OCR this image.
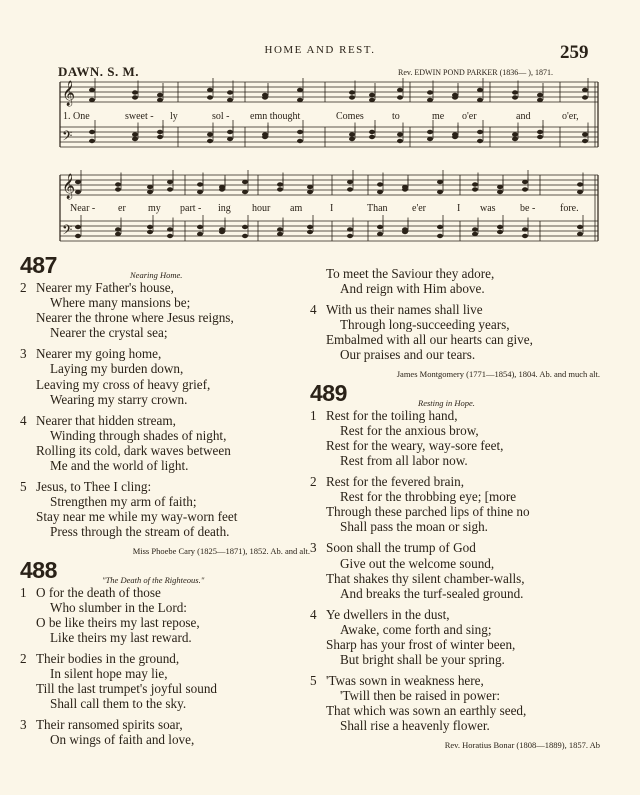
HOME AND REST.	259
DAWN. S. M.	Rev. EDWIN POND PARKER (1836— ), 1871.
𝄞
𝄢
𝄞
𝄢
1. One	sweet - ly	sol - emn thought	Comes	to	me o'er	and	o'er,
Near - er my part - ing hour am	I	Than e'er	I was be - fore.
487	Nearing Home.
2 Nearer my Father's house,
Where many mansions be;
Nearer the throne where Jesus reigns,
Nearer the crystal sea;
3 Nearer my going home,
Laying my burden down,
Leaving my cross of heavy grief,
Wearing my starry crown.
4 Nearer that hidden stream,
Winding through shades of night,
Rolling its cold, dark waves between
Me and the world of light.
5 Jesus, to Thee I cling:
Strengthen my arm of faith;
Stay near me while my way-worn feet
Press through the stream of death.
Miss Phoebe Cary (1825—1871), 1852. Ab. and alt.
488	"The Death of the Righteous."
1 O for the death of those
Who slumber in the Lord:
O be like theirs my last repose,
Like theirs my last reward.
2 Their bodies in the ground,
In silent hope may lie,
Till the last trumpet's joyful sound
Shall call them to the sky.
3 Their ransomed spirits soar,
On wings of faith and love,
To meet the Saviour they adore,
And reign with Him above.
4 With us their names shall live
Through long-succeeding years,
Embalmed with all our hearts can give,
Our praises and our tears.
James Montgomery (1771—1854), 1804. Ab. and much alt.
489	Resting in Hope.
1 Rest for the toiling hand,
Rest for the anxious brow,
Rest for the weary, way-sore feet,
Rest from all labor now.
2 Rest for the fevered brain,
Rest for the throbbing eye; [more
Through these parched lips of thine no
Shall pass the moan or sigh.
3 Soon shall the trump of God
Give out the welcome sound,
That shakes thy silent chamber-walls,
And breaks the turf-sealed ground.
4 Ye dwellers in the dust,
Awake, come forth and sing;
Sharp has your frost of winter been,
But bright shall be your spring.
5 'Twas sown in weakness here,
'Twill then be raised in power:
That which was sown an earthly seed,
Shall rise a heavenly flower.
Rev. Horatius Bonar (1808—1889), 1857. Ab
